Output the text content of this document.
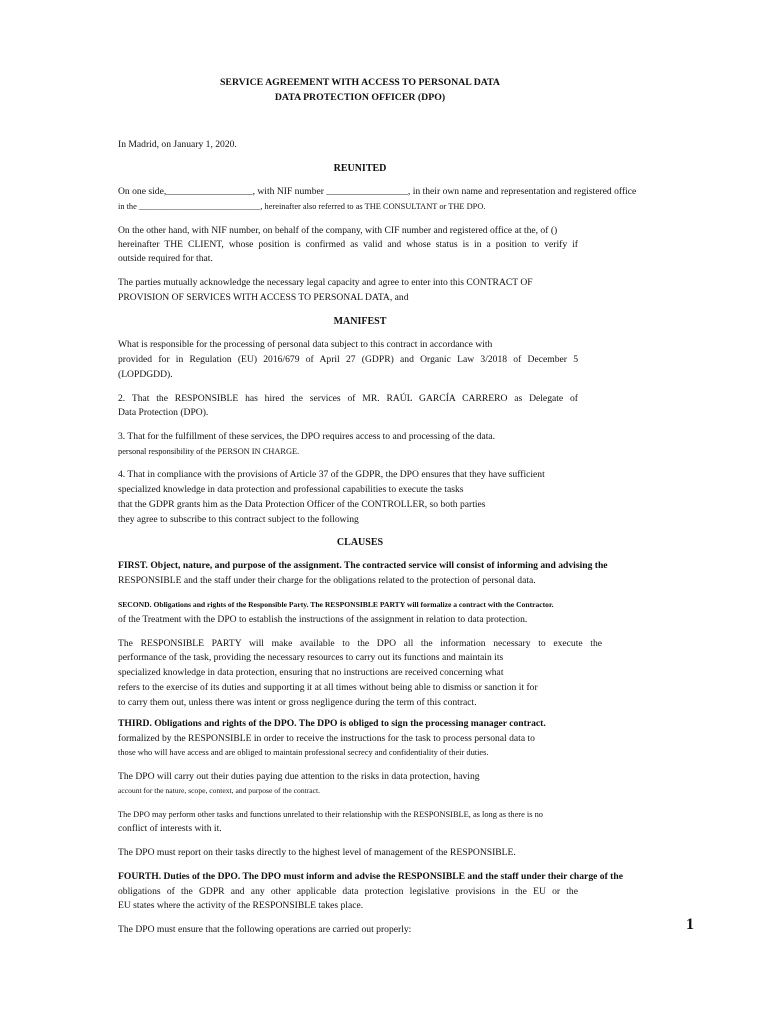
SERVICE AGREEMENT WITH ACCESS TO PERSONAL DATA
DATA PROTECTION OFFICER (DPO)
In Madrid, on January 1, 2020.
REUNITED
On one side,__________________, with NIF number _________________, in their own name and representation and registered office
in the _____________________________, hereinafter also referred to as THE CONSULTANT or THE DPO.
On the other hand, with NIF number, on behalf of the company, with CIF number and registered office at the, of ()
hereinafter THE CLIENT, whose position is confirmed as valid and whose status is in a position to verify if
outside required for that.
The parties mutually acknowledge the necessary legal capacity and agree to enter into this CONTRACT OF
PROVISION OF SERVICES WITH ACCESS TO PERSONAL DATA, and
MANIFEST
What is responsible for the processing of personal data subject to this contract in accordance with
provided for in Regulation (EU) 2016/679 of April 27 (GDPR) and Organic Law 3/2018 of December 5
(LOPDGDD).
2. That the RESPONSIBLE has hired the services of MR. RAÚL GARCÍA CARRERO as Delegate of
Data Protection (DPO).
3. That for the fulfillment of these services, the DPO requires access to and processing of the data.
personal responsibility of the PERSON IN CHARGE.
4. That in compliance with the provisions of Article 37 of the GDPR, the DPO ensures that they have sufficient
specialized knowledge in data protection and professional capabilities to execute the tasks
that the GDPR grants him as the Data Protection Officer of the CONTROLLER, so both parties
they agree to subscribe to this contract subject to the following
CLAUSES
FIRST. Object, nature, and purpose of the assignment. The contracted service will consist of informing and advising the
RESPONSIBLE and the staff under their charge for the obligations related to the protection of personal data.
SECOND. Obligations and rights of the Responsible Party. The RESPONSIBLE PARTY will formalize a contract with the Contractor.
of the Treatment with the DPO to establish the instructions of the assignment in relation to data protection.
The RESPONSIBLE PARTY will make available to the DPO all the information necessary to execute the
performance of the task, providing the necessary resources to carry out its functions and maintain its
specialized knowledge in data protection, ensuring that no instructions are received concerning what
refers to the exercise of its duties and supporting it at all times without being able to dismiss or sanction it for
to carry them out, unless there was intent or gross negligence during the term of this contract.
THIRD. Obligations and rights of the DPO. The DPO is obliged to sign the processing manager contract.
formalized by the RESPONSIBLE in order to receive the instructions for the task to process personal data to
those who will have access and are obliged to maintain professional secrecy and confidentiality of their duties.
The DPO will carry out their duties paying due attention to the risks in data protection, having
account for the nature, scope, context, and purpose of the contract.
The DPO may perform other tasks and functions unrelated to their relationship with the RESPONSIBLE, as long as there is no
conflict of interests with it.
The DPO must report on their tasks directly to the highest level of management of the RESPONSIBLE.
FOURTH. Duties of the DPO. The DPO must inform and advise the RESPONSIBLE and the staff under their charge of the
obligations of the GDPR and any other applicable data protection legislative provisions in the EU or the
EU states where the activity of the RESPONSIBLE takes place.
The DPO must ensure that the following operations are carried out properly:	1
